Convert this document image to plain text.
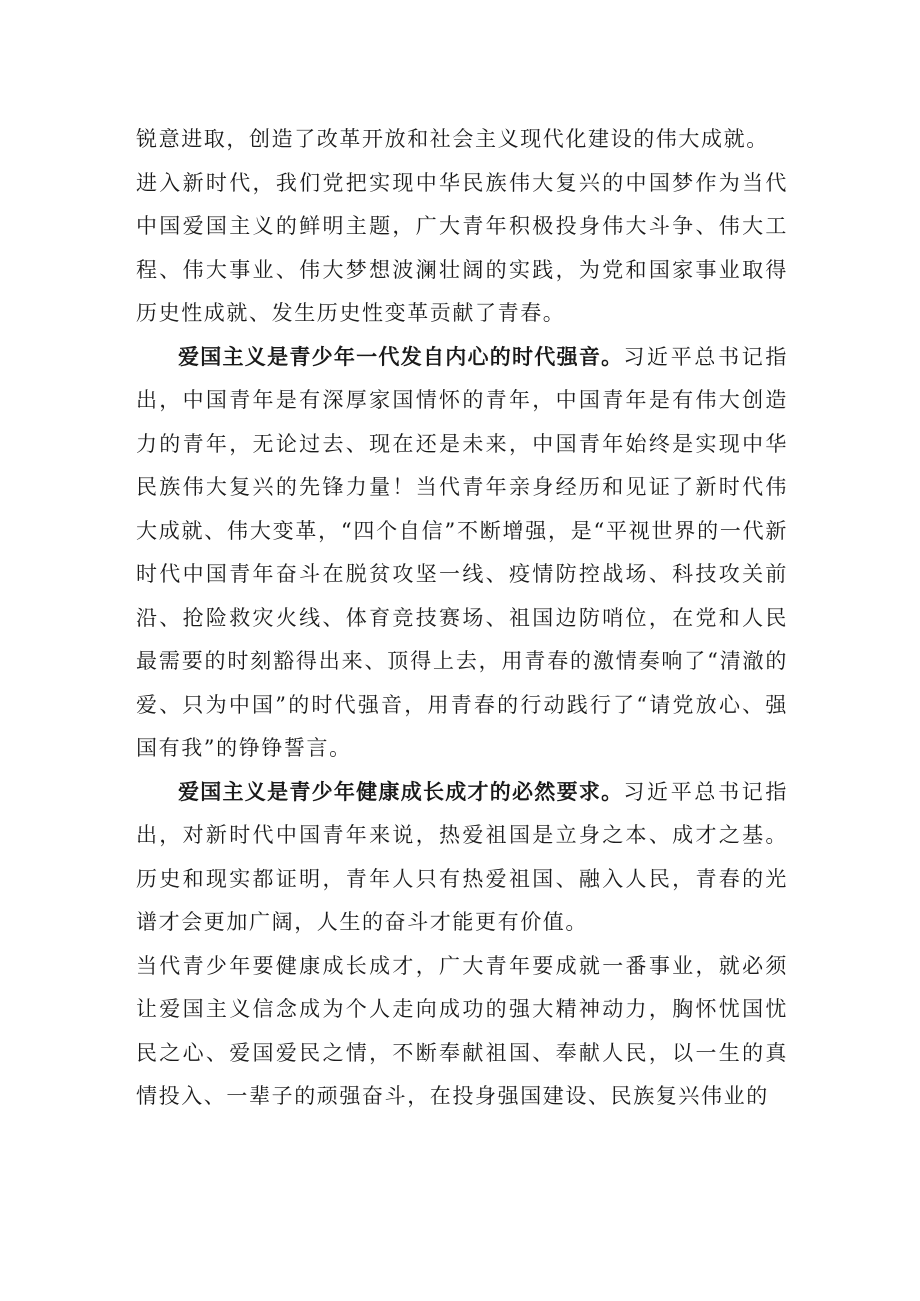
锐意进取，创造了改革开放和社会主义现代化建设的伟大成就。

进入新时代，我们党把实现中华民族伟大复兴的中国梦作为当代中国爱国主义的鲜明主题，广大青年积极投身伟大斗争、伟大工程、伟大事业、伟大梦想波澜壮阔的实践，为党和国家事业取得历史性成就、发生历史性变革贡献了青春。

爱国主义是青少年一代发自内心的时代强音。习近平总书记指出，中国青年是有深厚家国情怀的青年，中国青年是有伟大创造力的青年，无论过去、现在还是未来，中国青年始终是实现中华民族伟大复兴的先锋力量！当代青年亲身经历和见证了新时代伟大成就、伟大变革，“四个自信”不断增强，是“平视世界的一代新时代中国青年奋斗在脱贫攻坚一线、疫情防控战场、科技攻关前沿、抢险救灾火线、体育竞技赛场、祖国边防哨位，在党和人民最需要的时刻豁得出来、顶得上去，用青春的激情奏响了“清澈的爱、只为中国”的时代强音，用青春的行动践行了“请党放心、强国有我”的铮铮誓言。

爱国主义是青少年健康成长成才的必然要求。习近平总书记指出，对新时代中国青年来说，热爱祖国是立身之本、成才之基。历史和现实都证明，青年人只有热爱祖国、融入人民，青春的光谱才会更加广阔，人生的奋斗才能更有价值。

当代青少年要健康成长成才，广大青年要成就一番事业，就必须让爱国主义信念成为个人走向成功的强大精神动力，胸怀忧国忧民之心、爱国爱民之情，不断奉献祖国、奉献人民，以一生的真情投入、一辈子的顽强奋斗，在投身强国建设、民族复兴伟业的
